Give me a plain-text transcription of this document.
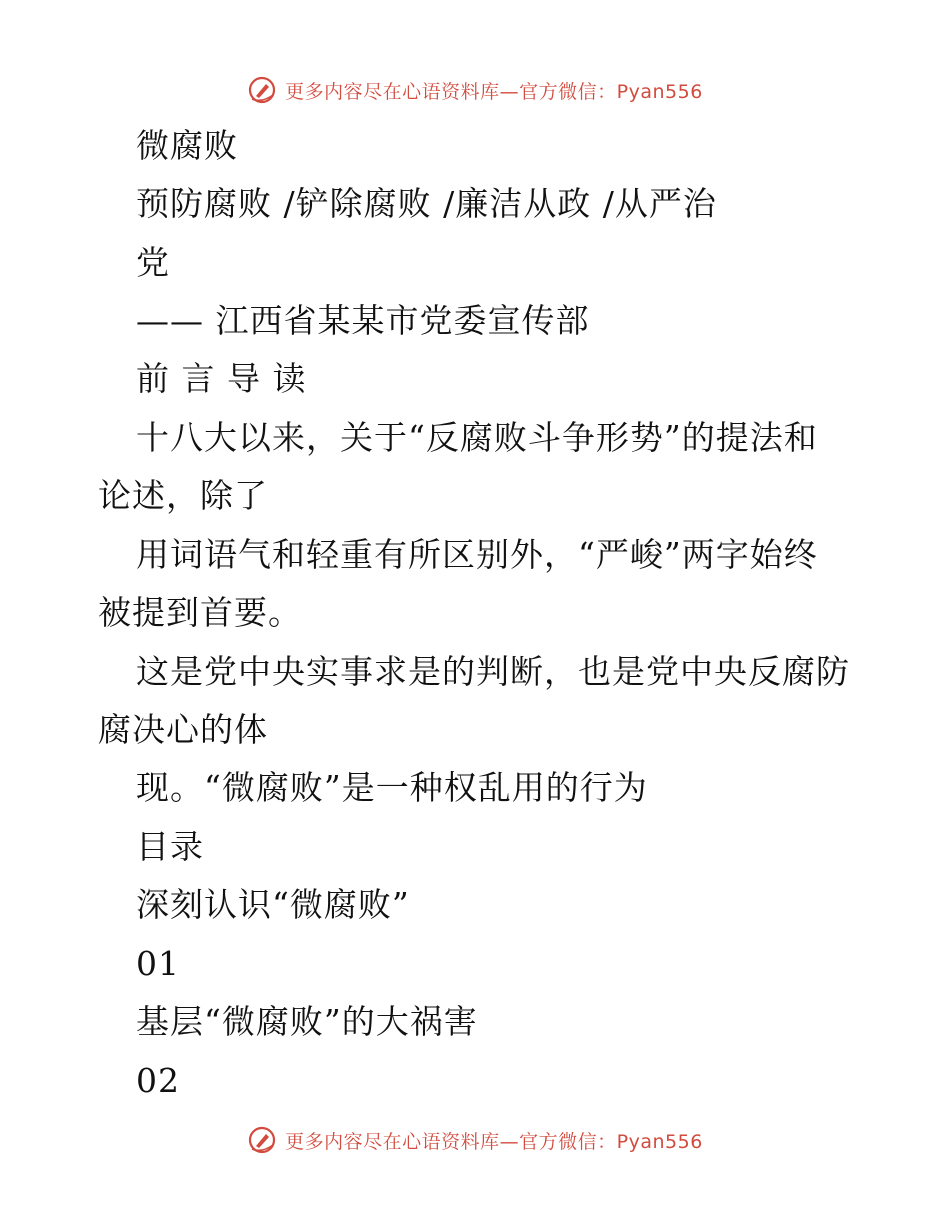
更多内容尽在心语资料库—官方微信：Pyan556
微腐败
预防腐败 /铲除腐败 /廉洁从政 /从严治
党
—— 江西省某某市党委宣传部
前 言 导 读
十八大以来，关于“反腐败斗争形势”的提法和
论述，除了
用词语气和轻重有所区别外，“严峻”两字始终
被提到首要。
这是党中央实事求是的判断，也是党中央反腐防
腐决心的体
现。“微腐败”是一种权乱用的行为
目录
深刻认识“微腐败”
01
基层“微腐败”的大祸害
02
更多内容尽在心语资料库—官方微信：Pyan556
